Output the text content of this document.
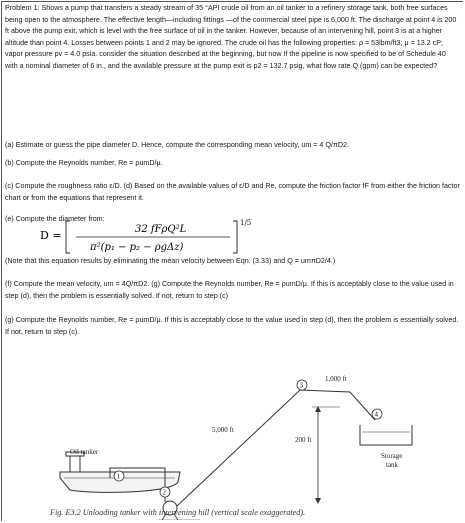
Problem 1: Shows a pump that transfers a steady stream of 35 °API crude oil from an oil tanker to a refinery storage tank, both free surfaces being open to the atmosphere. The effective length—including fittings —of the commercial steel pipe is 6,000 ft. The discharge at point 4 is 200 ft above the pump exit, which is level with the free surface of oil in the tanker. However, because of an intervening hill, point 3 is at a higher altitude than point 4. Losses between points 1 and 2 may be ignored. The crude oil has the following properties: ρ = 53lbm/ft3; μ = 13.2 cP; vapor pressure pv = 4.0 psia. consider the situation described at the beginning, but now If the pipeline is now specified to be of Schedule 40 with a nominal diameter of 6 in., and the available pressure at the pump exit is p2 = 132.7 psig, what flow rate Q (gpm) can be expected?

(a) Estimate or guess the pipe diameter D. Hence, compute the corresponding mean velocity, um = 4 Q/πD2.

(b) Compute the Reynolds number, Re = ρumD/μ.

(c) Compute the roughness ratio ε/D. (d) Based on the available values of ε/D and Re, compute the friction factor fF from either the friction factor chart or from the equations that represent it.

(e) Compute the diameter from:

D =	32 fFρQ²L
π²(p₁ − p₂ − ρgΔz)
1/5

(Note that this equation results by eliminating the mean velocity between Eqn. (3.33) and Q = umπD2/4.)

(f) Compute the mean velocity, um = 4Q/πD2. (g) Compute the Reynolds number, Re = ρumD/μ. If this is acceptably close to the value used in step (d), then the problem is essentially solved. If not, return to step (c)

(g) Compute the Reynolds number, Re = ρumD/μ. If this is acceptably close to the value used in step (d), then the problem is essentially solved. If not, return to step (c).

1
2
3
4
1,000 ft
5,000 ft
200 ft
Oil tanker	Storage
tank
Fig. E3.2 Unloading tanker with intervening hill (vertical scale exaggerated).
